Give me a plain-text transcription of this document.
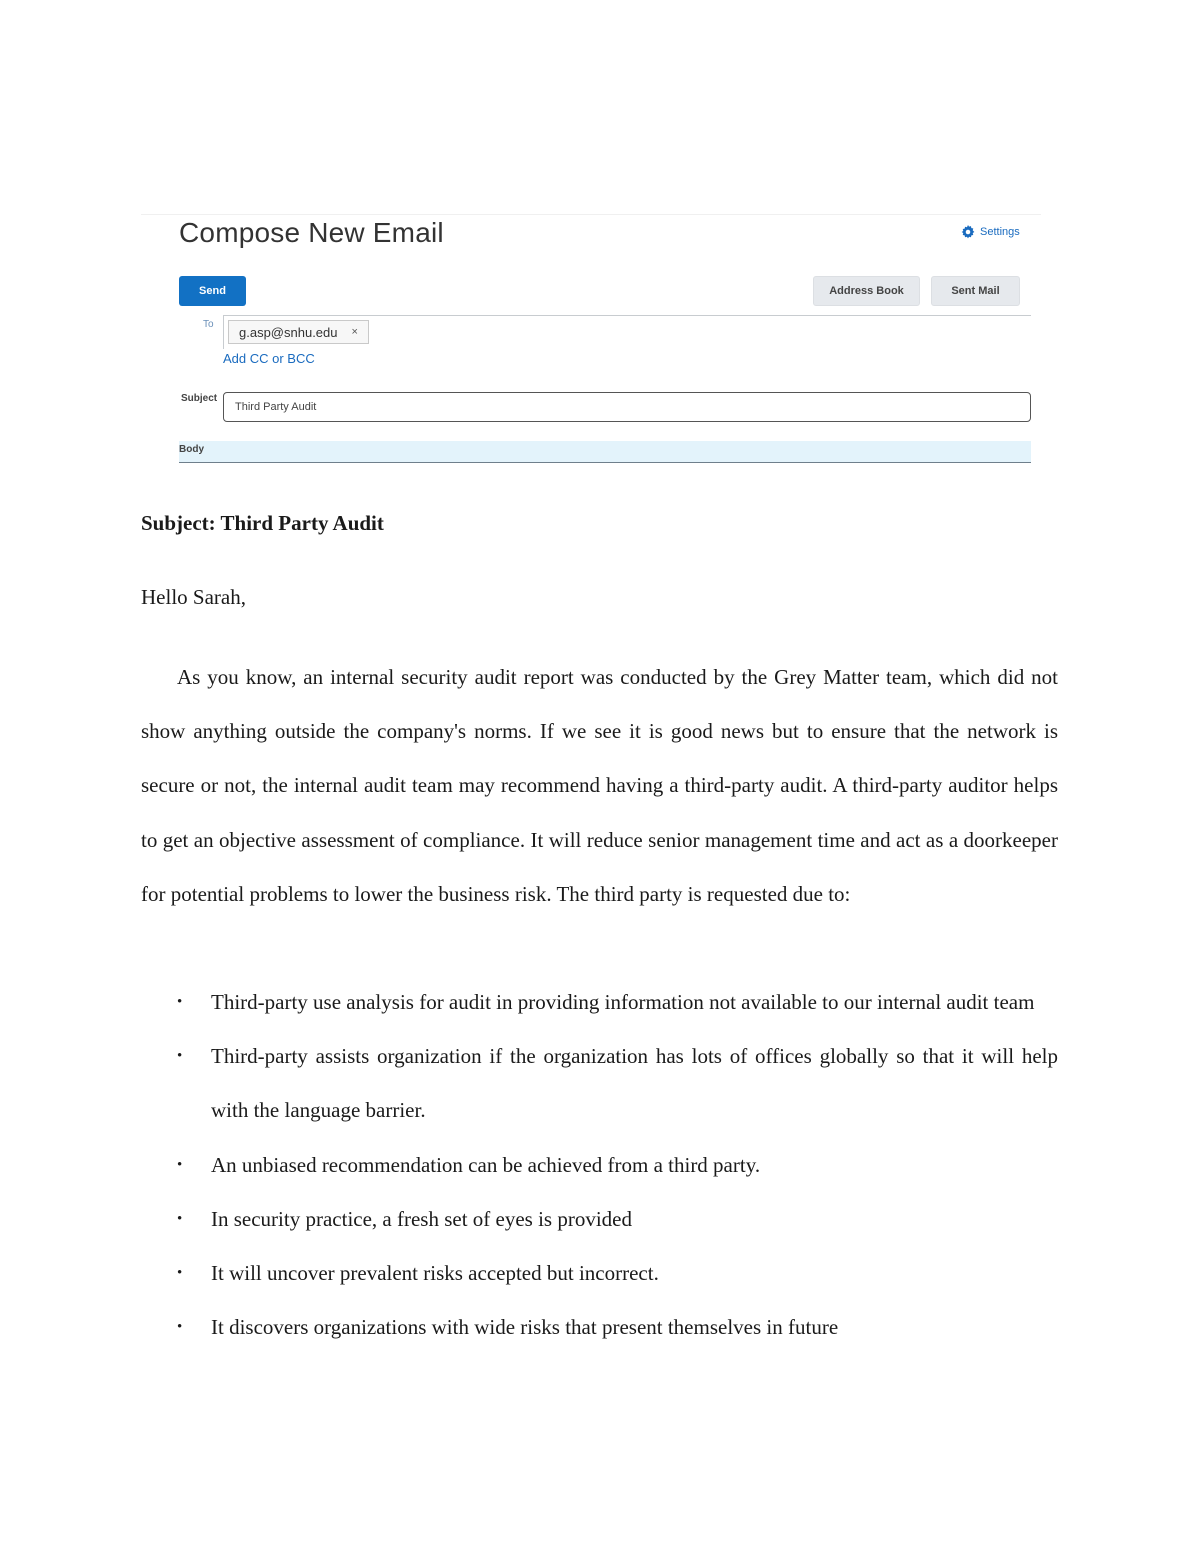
Compose New Email	Settings
Send	Address Book	Sent Mail
To g.asp@snhu.edu ×
Add CC or BCC
Subject
Third Party Audit
Body
Subject: Third Party Audit
Hello Sarah,

As you know, an internal security audit report was conducted by the Grey Matter team, which did not show anything outside the company's norms. If we see it is good news but to ensure that the network is secure or not, the internal audit team may recommend having a third-party audit. A third-party auditor helps to get an objective assessment of compliance. It will reduce senior management time and act as a doorkeeper for potential problems to lower the business risk. The third party is requested due to:

• Third-party use analysis for audit in providing information not available to our internal audit team
• Third-party assists organization if the organization has lots of offices globally so that it will help with the language barrier.
• An unbiased recommendation can be achieved from a third party.
• In security practice, a fresh set of eyes is provided
• It will uncover prevalent risks accepted but incorrect.
• It discovers organizations with wide risks that present themselves in future
